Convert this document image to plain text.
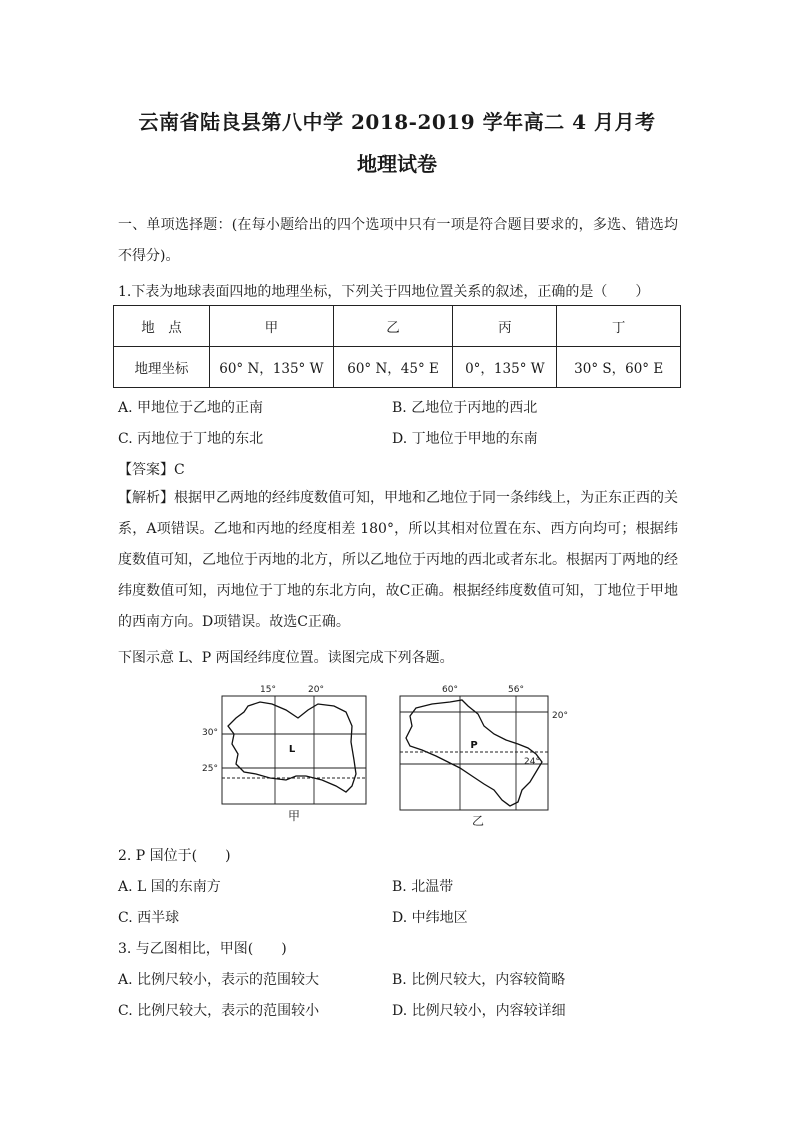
云南省陆良县第八中学 2018-2019 学年高二 4 月月考
地理试卷
一、单项选择题：(在每小题给出的四个选项中只有一项是符合题目要求的，多选、错选均不得分)。
1.下表为地球表面四地的地理坐标，下列关于四地位置关系的叙述，正确的是（　　）
地　点	甲	乙	丙	丁
地理坐标	60° N，135° W	60° N，45° E	0°，135° W	30° S，60° E
A. 甲地位于乙地的正南	B. 乙地位于丙地的西北
C. 丙地位于丁地的东北	D. 丁地位于甲地的东南
【答案】C
【解析】根据甲乙两地的经纬度数值可知，甲地和乙地位于同一条纬线上，为正东正西的关系，A项错误。乙地和丙地的经度相差 180°，所以其相对位置在东、西方向均可；根据纬度数值可知，乙地位于丙地的北方，所以乙地位于丙地的西北或者东北。根据丙丁两地的经纬度数值可知，丙地位于丁地的东北方向，故C正确。根据经纬度数值可知，丁地位于甲地的西南方向。D项错误。故选C正确。
下图示意 L、P 两国经纬度位置。读图完成下列各题。
15°	20°
30°
25°
L
甲
60°	56°
20°
24°
P
乙
2. P 国位于(　　)
A. L 国的东南方	B. 北温带
C. 西半球	D. 中纬地区
3. 与乙图相比，甲图(　　)
A. 比例尺较小，表示的范围较大	B. 比例尺较大，内容较简略
C. 比例尺较大，表示的范围较小	D. 比例尺较小，内容较详细
